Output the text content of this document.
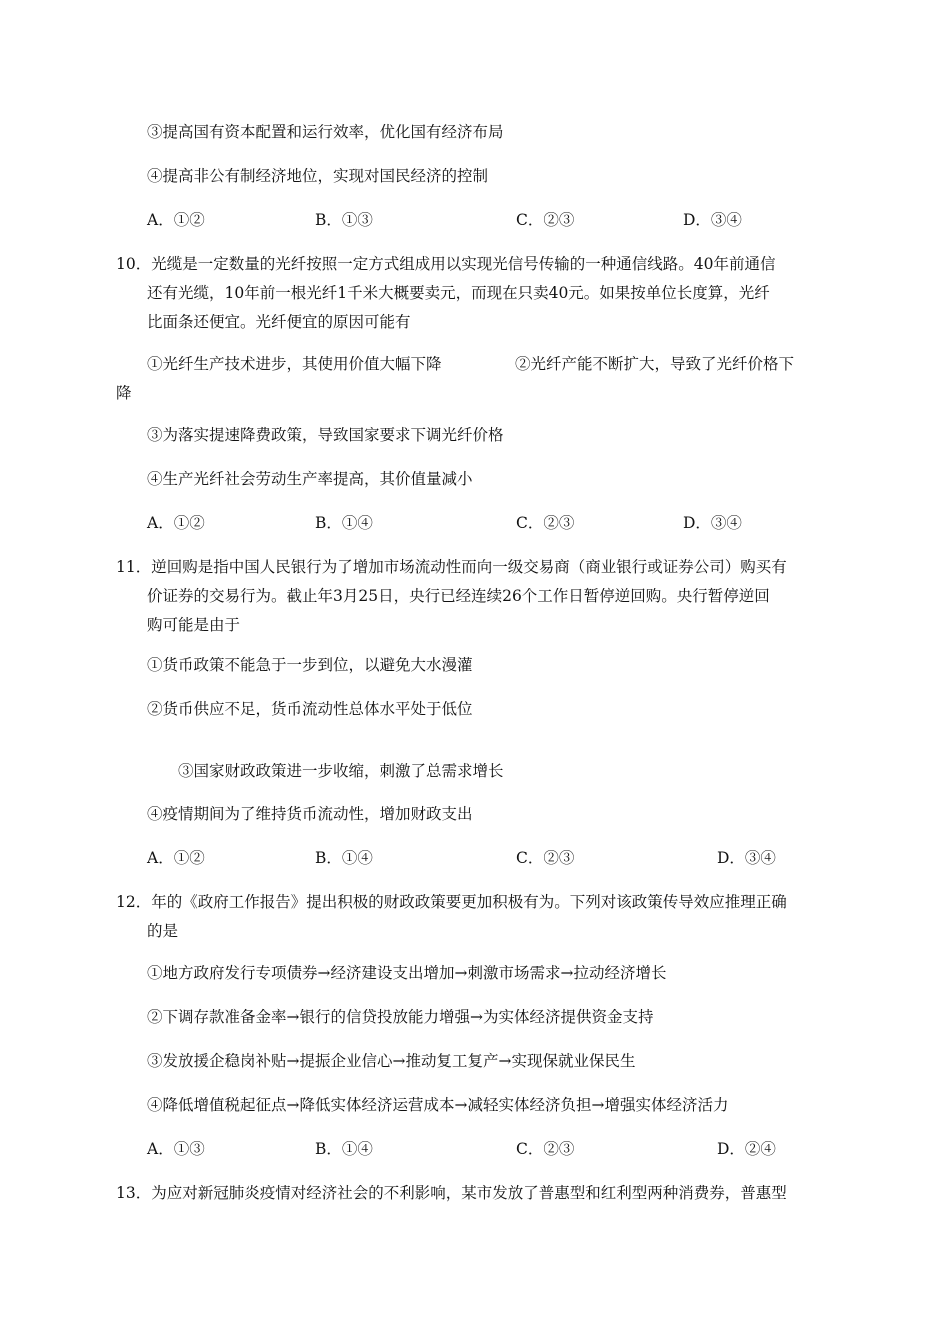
③提高国有资本配置和运行效率，优化国有经济布局
④提高非公有制经济地位，实现对国民经济的控制
A．①②	B．①③	C．②③	D．③④
10．光缆是一定数量的光纤按照一定方式组成用以实现光信号传输的一种通信线路。40年前通信
还有光缆，10年前一根光纤1千米大概要卖元，而现在只卖40元。如果按单位长度算，光纤
比面条还便宜。光纤便宜的原因可能有
①光纤生产技术进步，其使用价值大幅下降	②光纤产能不断扩大，导致了光纤价格下
降
③为落实提速降费政策，导致国家要求下调光纤价格
④生产光纤社会劳动生产率提高，其价值量减小
A．①②	B．①④	C．②③	D．③④
11．逆回购是指中国人民银行为了增加市场流动性而向一级交易商（商业银行或证券公司）购买有
价证券的交易行为。截止年3月25日，央行已经连续26个工作日暂停逆回购。央行暂停逆回
购可能是由于
①货币政策不能急于一步到位，以避免大水漫灌
②货币供应不足，货币流动性总体水平处于低位
③国家财政政策进一步收缩，刺激了总需求增长
④疫情期间为了维持货币流动性，增加财政支出
A．①②	B．①④	C．②③	D．③④
12．年的《政府工作报告》提出积极的财政政策要更加积极有为。下列对该政策传导效应推理正确
的是
①地方政府发行专项债券→经济建设支出增加→刺激市场需求→拉动经济增长
②下调存款准备金率→银行的信贷投放能力增强→为实体经济提供资金支持
③发放援企稳岗补贴→提振企业信心→推动复工复产→实现保就业保民生
④降低增值税起征点→降低实体经济运营成本→减轻实体经济负担→增强实体经济活力
A．①③	B．①④	C．②③	D．②④
13．为应对新冠肺炎疫情对经济社会的不利影响，某市发放了普惠型和红利型两种消费券，普惠型
